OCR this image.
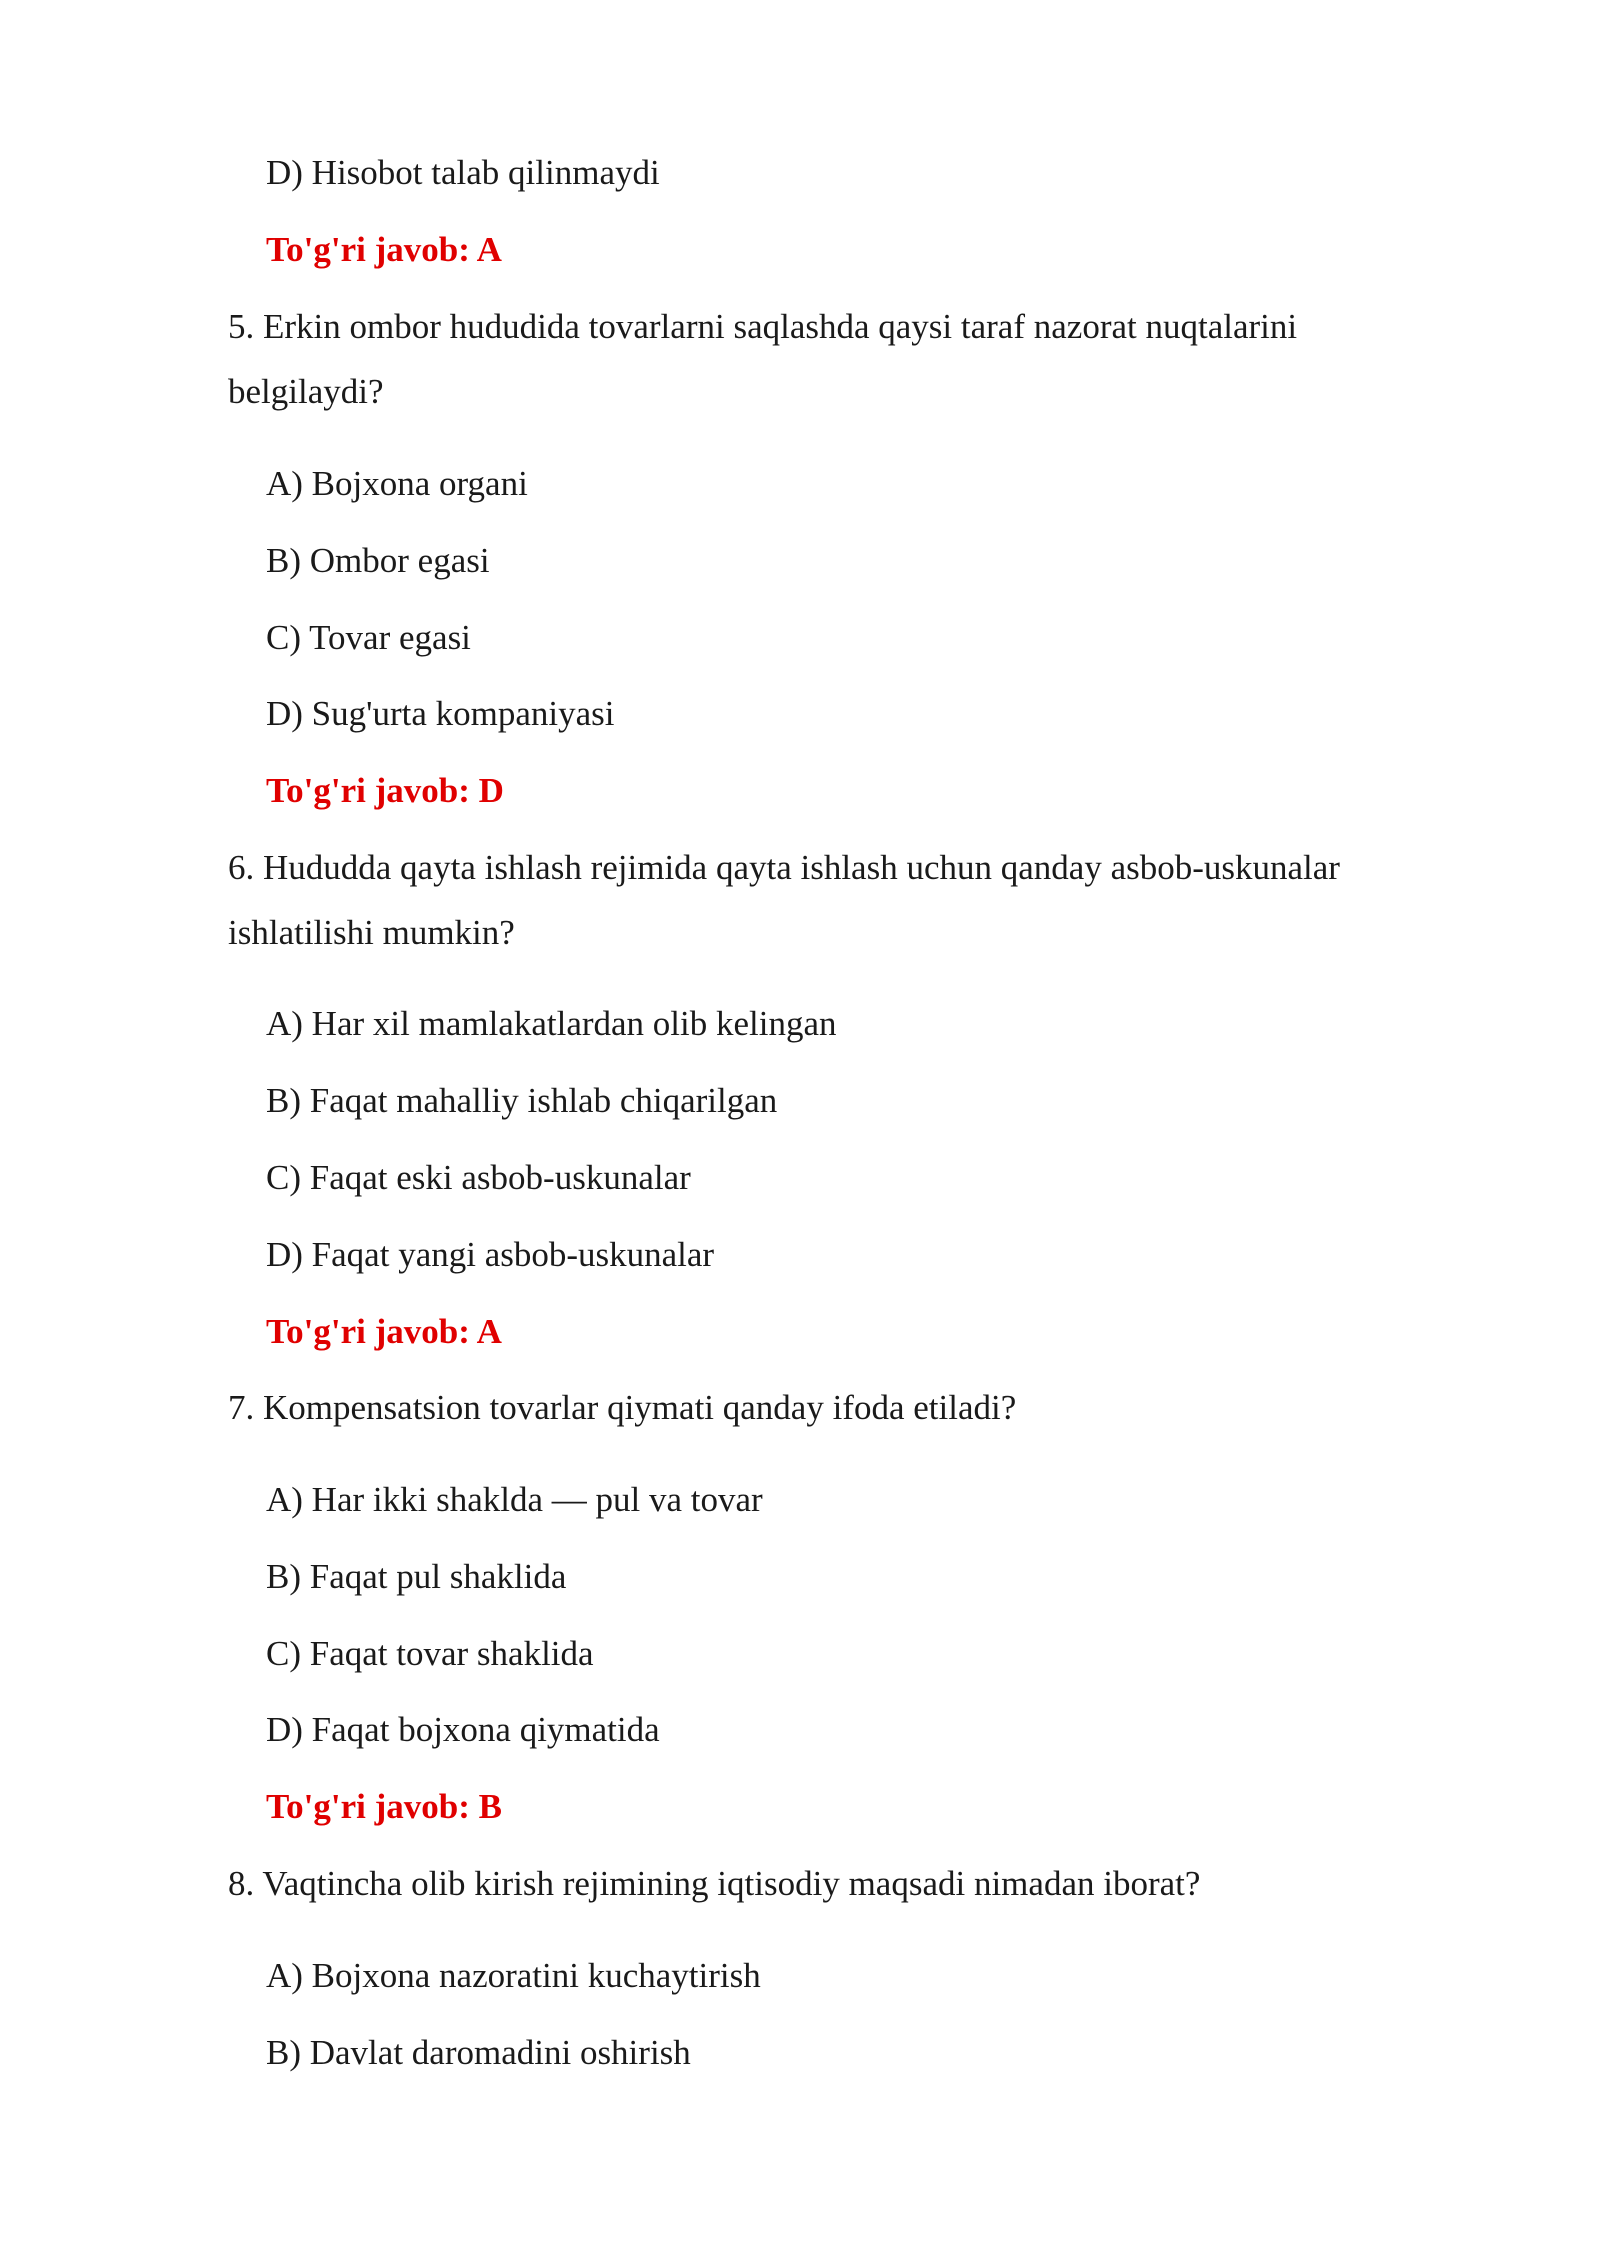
D) Hisobot talab qilinmaydi
To'g'ri javob: A
5. Erkin ombor hududida tovarlarni saqlashda qaysi taraf nazorat nuqtalarini
belgilaydi?
A) Bojxona organi
B) Ombor egasi
C) Tovar egasi
D) Sug'urta kompaniyasi
To'g'ri javob: D
6. Hududda qayta ishlash rejimida qayta ishlash uchun qanday asbob-uskunalar
ishlatilishi mumkin?
A) Har xil mamlakatlardan olib kelingan
B) Faqat mahalliy ishlab chiqarilgan
C) Faqat eski asbob-uskunalar
D) Faqat yangi asbob-uskunalar
To'g'ri javob: A
7. Kompensatsion tovarlar qiymati qanday ifoda etiladi?
A) Har ikki shaklda — pul va tovar
B) Faqat pul shaklida
C) Faqat tovar shaklida
D) Faqat bojxona qiymatida
To'g'ri javob: B
8. Vaqtincha olib kirish rejimining iqtisodiy maqsadi nimadan iborat?
A) Bojxona nazoratini kuchaytirish
B) Davlat daromadini oshirish
